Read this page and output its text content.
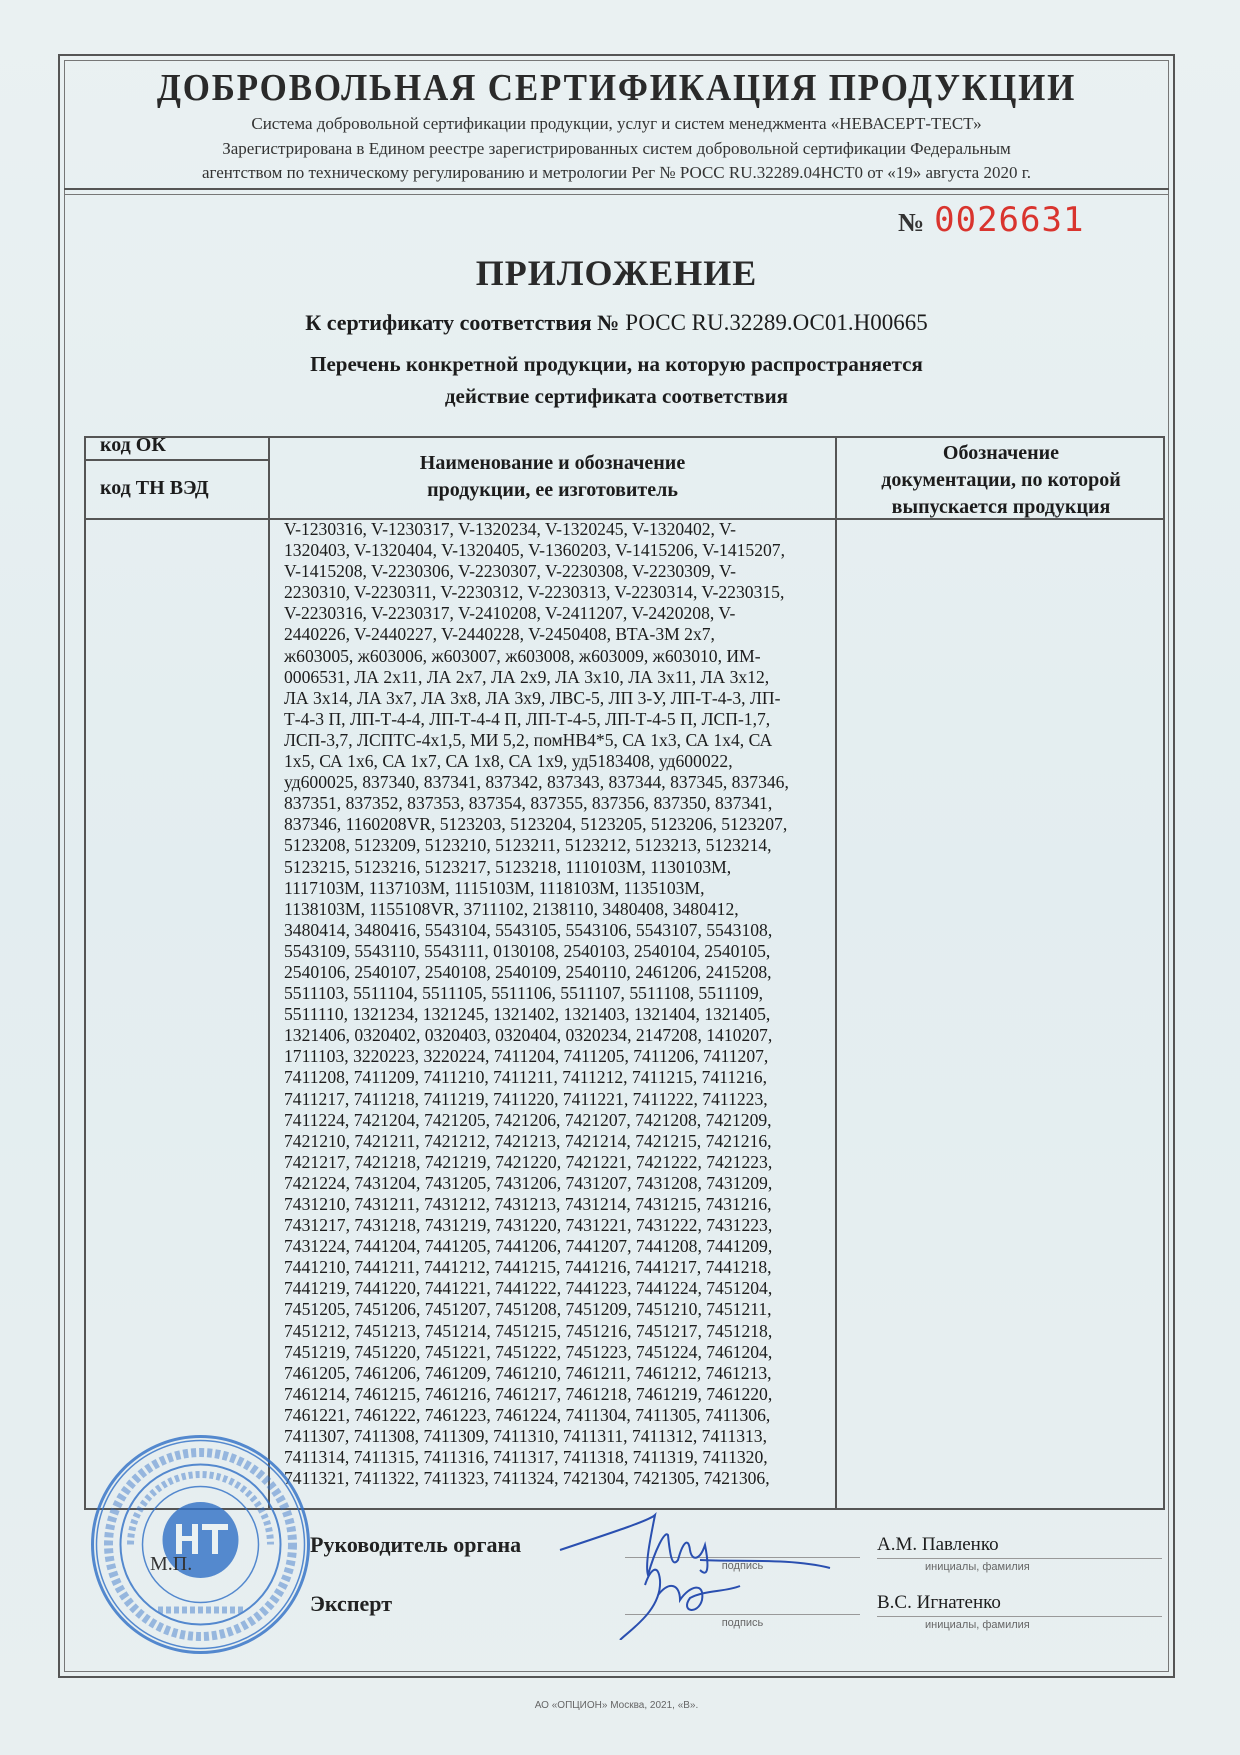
ДОБРОВОЛЬНАЯ СЕРТИФИКАЦИЯ ПРОДУКЦИИ
Система добровольной сертификации продукции, услуг и систем менеджмента «НЕВАСЕРТ-ТЕСТ»
Зарегистрирована в Едином реестре зарегистрированных систем добровольной сертификации Федеральным
агентством по техническому регулированию и метрологии Рег № РОСС RU.32289.04НСТ0 от «19» августа 2020 г.
№ 0026631
ПРИЛОЖЕНИЕ
К сертификату соответствия № РОСС RU.32289.ОС01.Н00665
Перечень конкретной продукции, на которую распространяется
действие сертификата соответствия
код ОК
код ТН ВЭД
Наименование и обозначение
продукции, ее изготовитель
Обозначение
документации, по которой
выпускается продукция
V-1230316, V-1230317, V-1320234, V-1320245, V-1320402, V-
1320403, V-1320404, V-1320405, V-1360203, V-1415206, V-1415207,
V-1415208, V-2230306, V-2230307, V-2230308, V-2230309, V-
2230310, V-2230311, V-2230312, V-2230313, V-2230314, V-2230315,
V-2230316, V-2230317, V-2410208, V-2411207, V-2420208, V-
2440226, V-2440227, V-2440228, V-2450408, ВТА-3М 2х7,
ж603005, ж603006, ж603007, ж603008, ж603009, ж603010, ИМ-
0006531, ЛА 2х11, ЛА 2х7, ЛА 2х9, ЛА 3х10, ЛА 3х11, ЛА 3х12,
ЛА 3х14, ЛА 3х7, ЛА 3х8, ЛА 3х9, ЛВС-5, ЛП 3-У, ЛП-Т-4-3, ЛП-
Т-4-3 П, ЛП-Т-4-4, ЛП-Т-4-4 П, ЛП-Т-4-5, ЛП-Т-4-5 П, ЛСП-1,7,
ЛСП-3,7, ЛСПТС-4х1,5, МИ 5,2, помНВ4*5, СА 1х3, СА 1х4, СА
1х5, СА 1х6, СА 1х7, СА 1х8, СА 1х9, уд5183408, уд600022,
уд600025, 837340, 837341, 837342, 837343, 837344, 837345, 837346,
837351, 837352, 837353, 837354, 837355, 837356, 837350, 837341,
837346, 1160208VR, 5123203, 5123204, 5123205, 5123206, 5123207,
5123208, 5123209, 5123210, 5123211, 5123212, 5123213, 5123214,
5123215, 5123216, 5123217, 5123218, 1110103M, 1130103M,
1117103M, 1137103M, 1115103M, 1118103M, 1135103M,
1138103M, 1155108VR, 3711102, 2138110, 3480408, 3480412,
3480414, 3480416, 5543104, 5543105, 5543106, 5543107, 5543108,
5543109, 5543110, 5543111, 0130108, 2540103, 2540104, 2540105,
2540106, 2540107, 2540108, 2540109, 2540110, 2461206, 2415208,
5511103, 5511104, 5511105, 5511106, 5511107, 5511108, 5511109,
5511110, 1321234, 1321245, 1321402, 1321403, 1321404, 1321405,
1321406, 0320402, 0320403, 0320404, 0320234, 2147208, 1410207,
1711103, 3220223, 3220224, 7411204, 7411205, 7411206, 7411207,
7411208, 7411209, 7411210, 7411211, 7411212, 7411215, 7411216,
7411217, 7411218, 7411219, 7411220, 7411221, 7411222, 7411223,
7411224, 7421204, 7421205, 7421206, 7421207, 7421208, 7421209,
7421210, 7421211, 7421212, 7421213, 7421214, 7421215, 7421216,
7421217, 7421218, 7421219, 7421220, 7421221, 7421222, 7421223,
7421224, 7431204, 7431205, 7431206, 7431207, 7431208, 7431209,
7431210, 7431211, 7431212, 7431213, 7431214, 7431215, 7431216,
7431217, 7431218, 7431219, 7431220, 7431221, 7431222, 7431223,
7431224, 7441204, 7441205, 7441206, 7441207, 7441208, 7441209,
7441210, 7441211, 7441212, 7441215, 7441216, 7441217, 7441218,
7441219, 7441220, 7441221, 7441222, 7441223, 7441224, 7451204,
7451205, 7451206, 7451207, 7451208, 7451209, 7451210, 7451211,
7451212, 7451213, 7451214, 7451215, 7451216, 7451217, 7451218,
7451219, 7451220, 7451221, 7451222, 7451223, 7451224, 7461204,
7461205, 7461206, 7461209, 7461210, 7461211, 7461212, 7461213,
7461214, 7461215, 7461216, 7461217, 7461218, 7461219, 7461220,
7461221, 7461222, 7461223, 7461224, 7411304, 7411305, 7411306,
7411307, 7411308, 7411309, 7411310, 7411311, 7411312, 7411313,
7411314, 7411315, 7411316, 7411317, 7411318, 7411319, 7411320,
7411321, 7411322, 7411323, 7411324, 7421304, 7421305, 7421306,
М.П.
Руководитель органа
подпись
А.М. Павленко
инициалы, фамилия
Эксперт
подпись
В.С. Игнатенко
инициалы, фамилия
АО «ОПЦИОН» Москва, 2021, «В».
